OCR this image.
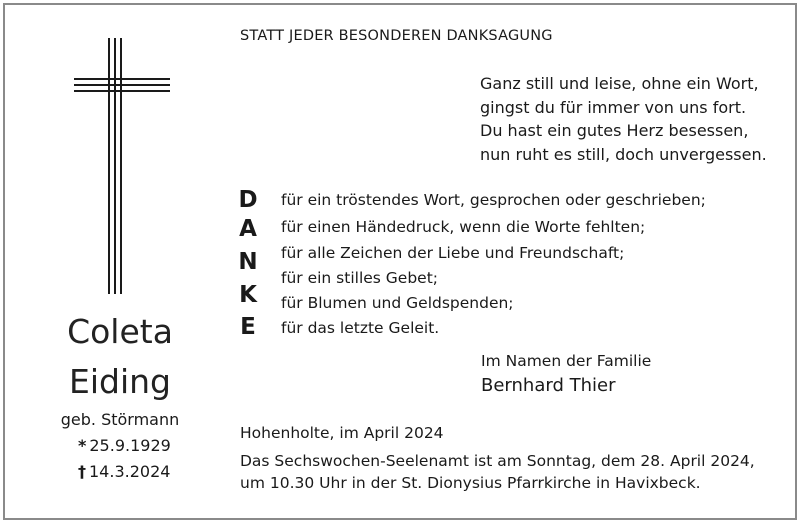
Coleta
Eiding
geb. Störmann
* 25.9.1929
† 14.3.2024
STATT JEDER BESONDEREN DANKSAGUNG
Ganz still und leise, ohne ein Wort,
gingst du für immer von uns fort.
Du hast ein gutes Herz besessen,
nun ruht es still, doch unvergessen.
D
A
N
K
E
für ein tröstendes Wort, gesprochen oder geschrieben;
für einen Händedruck, wenn die Worte fehlten;
für alle Zeichen der Liebe und Freundschaft;
für ein stilles Gebet;
für Blumen und Geldspenden;
für das letzte Geleit.
Im Namen der Familie
Bernhard Thier
Hohenholte, im April 2024
Das Sechswochen-Seelenamt ist am Sonntag, dem 28. April 2024,
um 10.30 Uhr in der St. Dionysius Pfarrkirche in Havixbeck.
